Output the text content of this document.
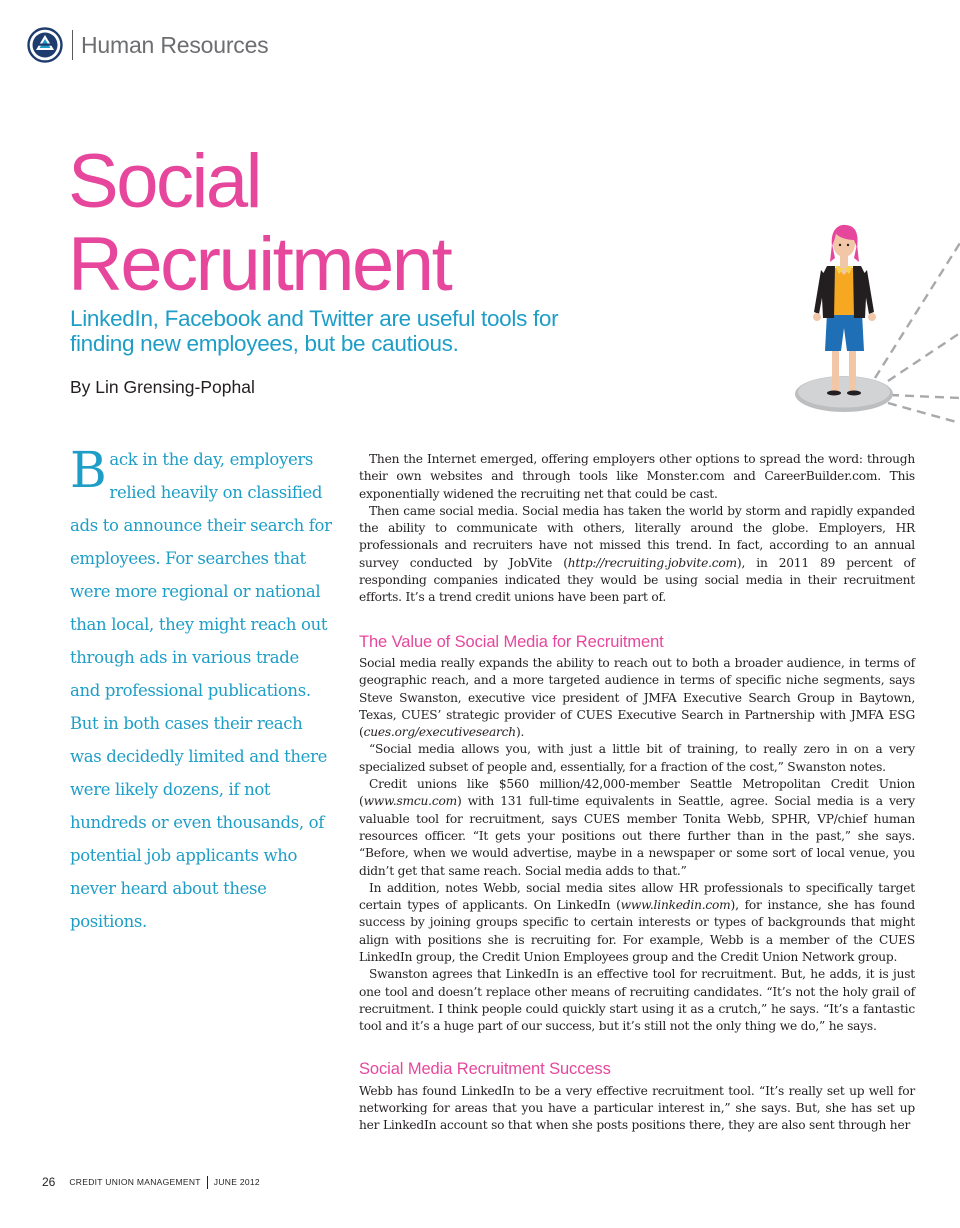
Human Resources
Social
Recruitment

LinkedIn, Facebook and Twitter are useful tools for finding new employees, but be cautious.

By Lin Grensing-Pophal

Back in the day, employers relied heavily on classified ads to announce their search for employees. For searches that were more regional or national than local, they might reach out through ads in various trade and professional publications. But in both cases their reach was decidedly limited and there were likely dozens, if not hundreds or even thousands, of potential job applicants who never heard about these positions.

Then the Internet emerged, offering employers other options to spread the word: through their own websites and through tools like Monster.com and CareerBuilder.com. This exponentially widened the recruiting net that could be cast.

Then came social media. Social media has taken the world by storm and rapidly expanded the ability to communicate with others, literally around the globe. Employers, HR professionals and recruiters have not missed this trend. In fact, according to an annual survey conducted by JobVite (http://recruiting.jobvite.com), in 2011 89 percent of responding companies indicated they would be using social media in their recruitment efforts. It’s a trend credit unions have been part of.

The Value of Social Media for Recruitment

Social media really expands the ability to reach out to both a broader audience, in terms of geographic reach, and a more targeted audience in terms of specific niche segments, says Steve Swanston, executive vice president of JMFA Executive Search Group in Baytown, Texas, CUES’ strategic provider of CUES Executive Search in Partnership with JMFA ESG (cues.org/executivesearch).

“Social media allows you, with just a little bit of training, to really zero in on a very specialized subset of people and, essentially, for a fraction of the cost,” Swanston notes.

Credit unions like $560 million/42,000-member Seattle Metropolitan Credit Union (www.smcu.com) with 131 full-time equivalents in Seattle, agree. Social media is a very valuable tool for recruitment, says CUES member Tonita Webb, SPHR, VP/chief human resources officer. “It gets your positions out there further than in the past,” she says. “Before, when we would advertise, maybe in a newspaper or some sort of local venue, you didn’t get that same reach. Social media adds to that.”

In addition, notes Webb, social media sites allow HR professionals to specifically target certain types of applicants. On LinkedIn (www.linkedin.com), for instance, she has found success by joining groups specific to certain interests or types of backgrounds that might align with positions she is recruiting for. For example, Webb is a member of the CUES LinkedIn group, the Credit Union Employees group and the Credit Union Network group.

Swanston agrees that LinkedIn is an effective tool for recruitment. But, he adds, it is just one tool and doesn’t replace other means of recruiting candidates. “It’s not the holy grail of recruitment. I think people could quickly start using it as a crutch,” he says. “It’s a fantastic tool and it’s a huge part of our success, but it’s still not the only thing we do,” he says.

Social Media Recruitment Success

Webb has found LinkedIn to be a very effective recruitment tool. “It’s really set up well for networking for areas that you have a particular interest in,” she says. But, she has set up her LinkedIn account so that when she posts positions there, they are also sent through her

26 CREDIT UNION MANAGEMENT JUNE 2012
